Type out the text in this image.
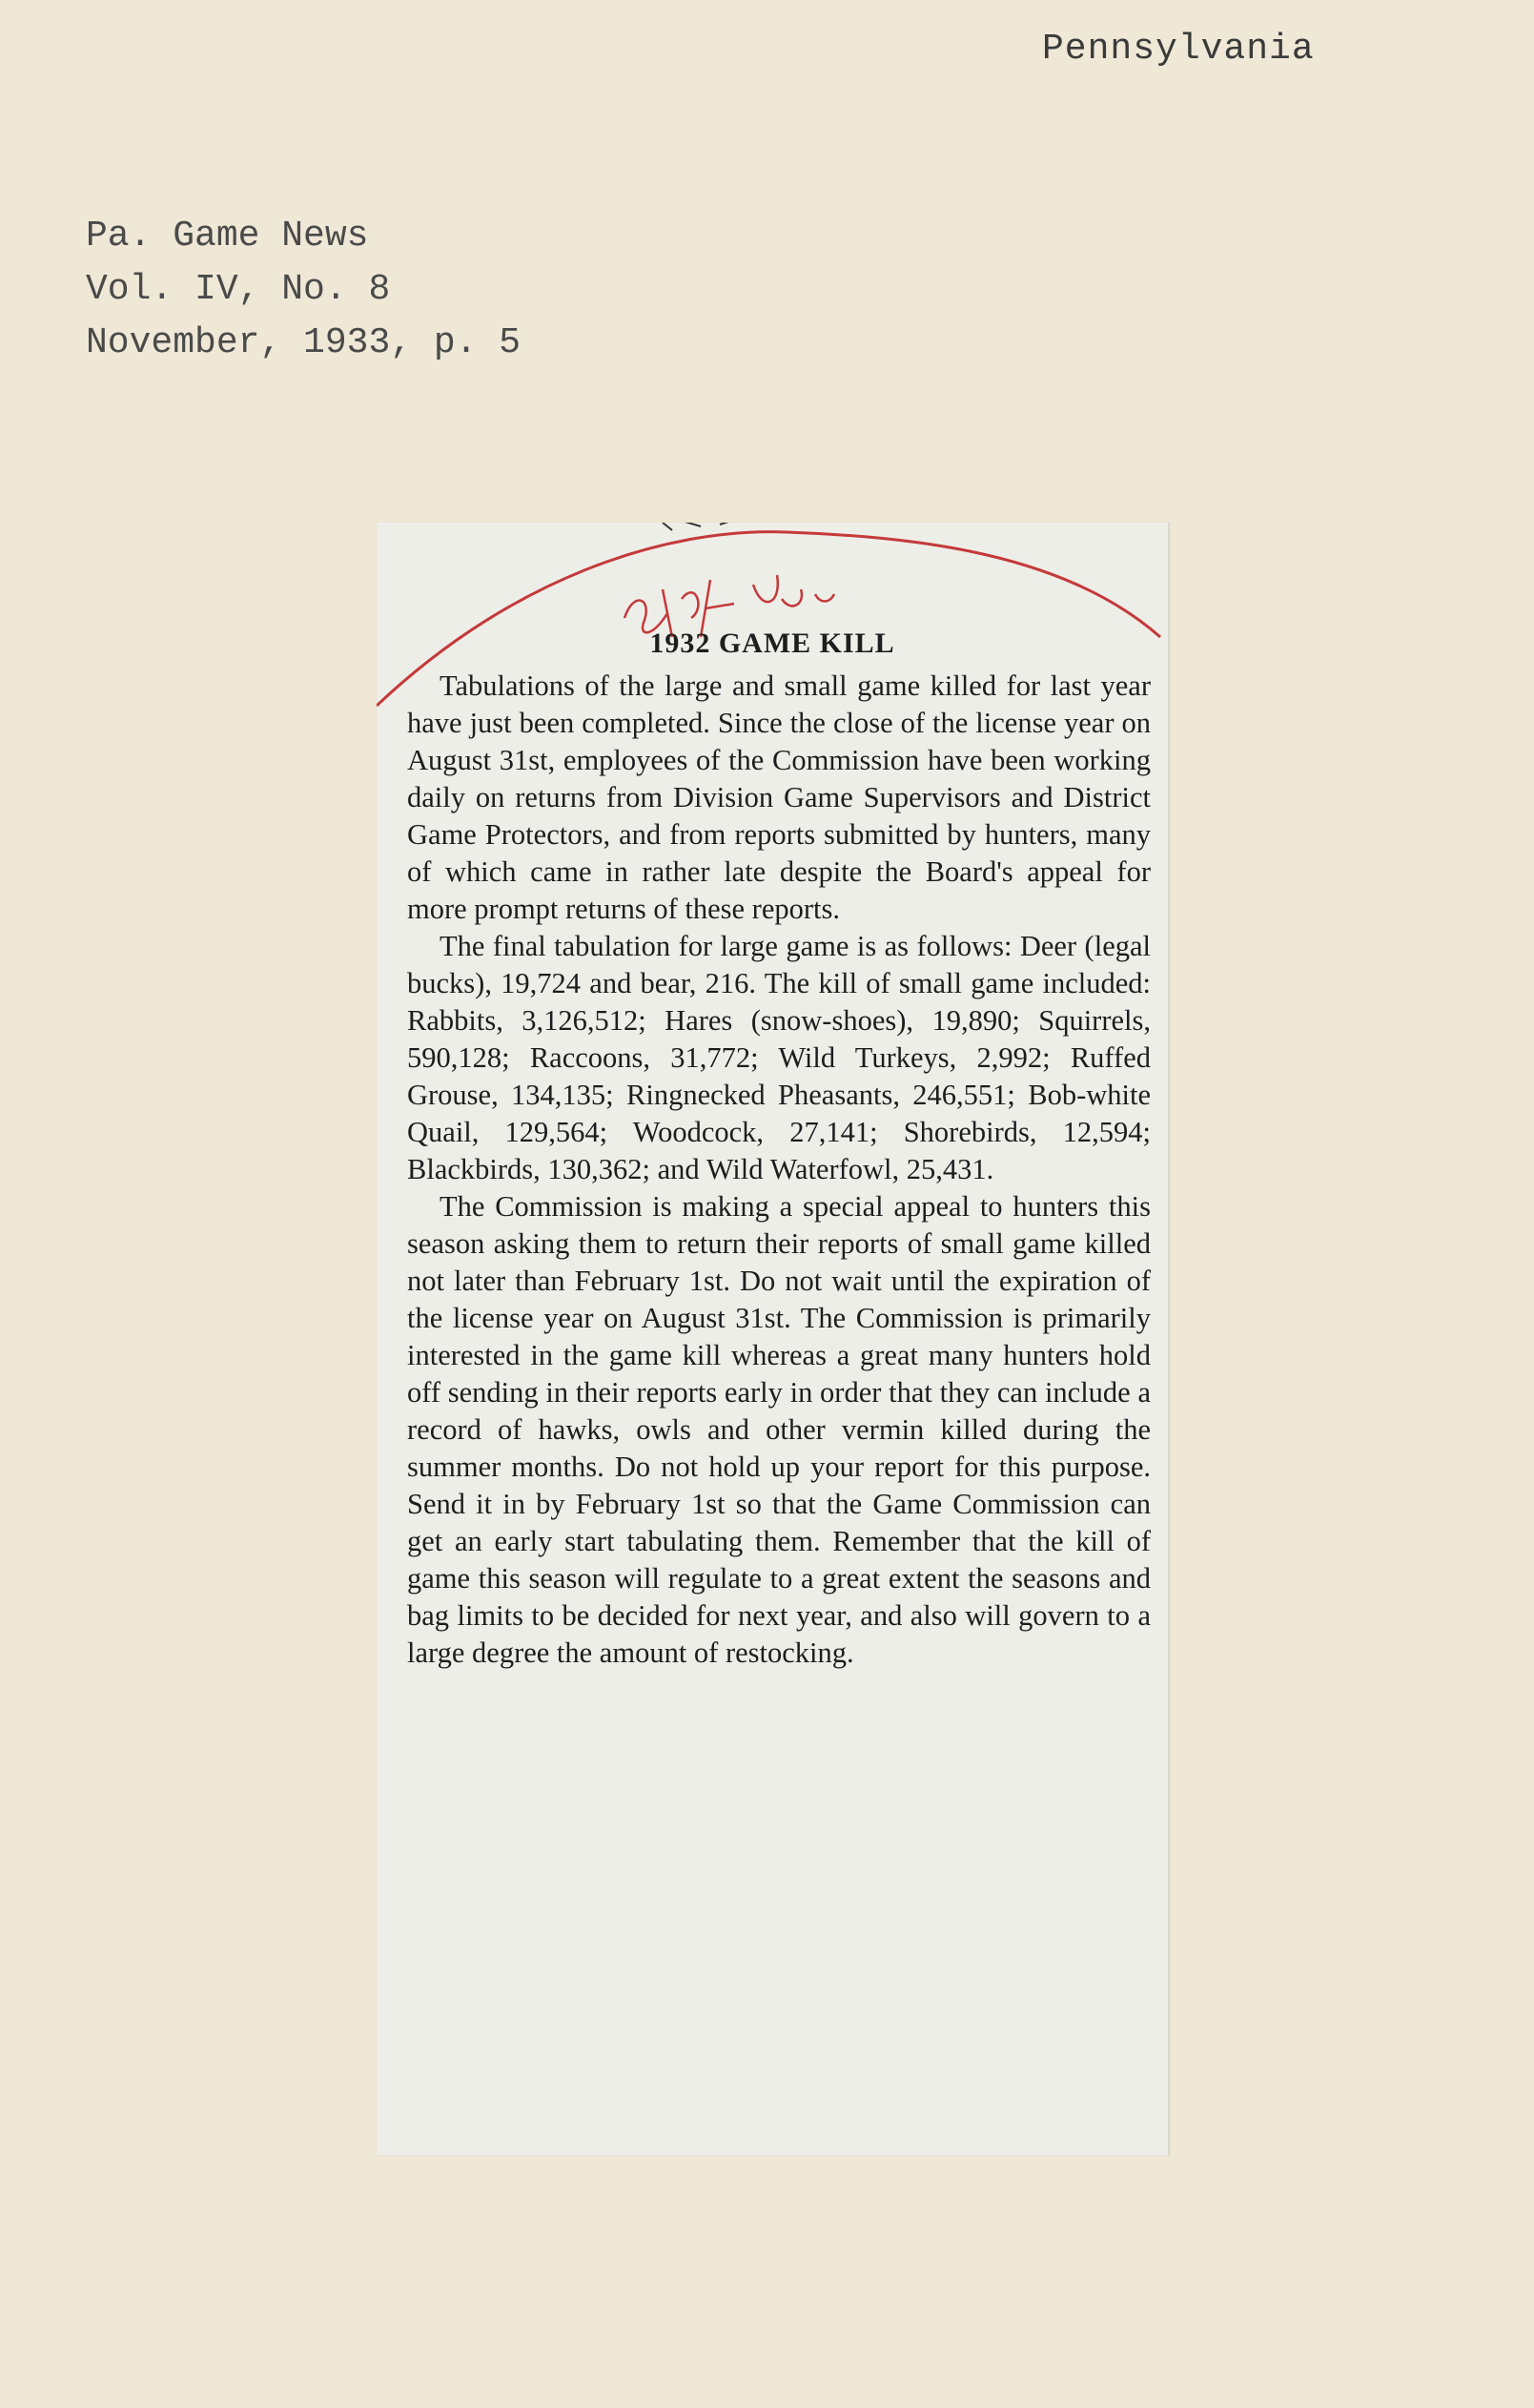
Pennsylvania
Pa. Game News
Vol. IV, No. 8
November, 1933, p. 5
1932 GAME KILL

Tabulations of the large and small game killed for last year have just been completed. Since the close of the license year on August 31st, employees of the Commission have been working daily on returns from Division Game Supervisors and District Game Protectors, and from reports submitted by hunters, many of which came in rather late despite the Board's appeal for more prompt returns of these reports.

The final tabulation for large game is as follows: Deer (legal bucks), 19,724 and bear, 216. The kill of small game included: Rabbits, 3,126,512; Hares (snow-shoes), 19,890; Squirrels, 590,128; Raccoons, 31,772; Wild Turkeys, 2,992; Ruffed Grouse, 134,135; Ringnecked Pheasants, 246,551; Bob-white Quail, 129,564; Woodcock, 27,141; Shorebirds, 12,594; Blackbirds, 130,362; and Wild Waterfowl, 25,431.

The Commission is making a special appeal to hunters this season asking them to return their reports of small game killed not later than February 1st. Do not wait until the expiration of the license year on August 31st. The Commission is primarily interested in the game kill whereas a great many hunters hold off sending in their reports early in order that they can include a record of hawks, owls and other vermin killed during the summer months. Do not hold up your report for this purpose. Send it in by February 1st so that the Game Commission can get an early start tabulating them. Remember that the kill of game this season will regulate to a great extent the seasons and bag limits to be decided for next year, and also will govern to a large degree the amount of restocking.
